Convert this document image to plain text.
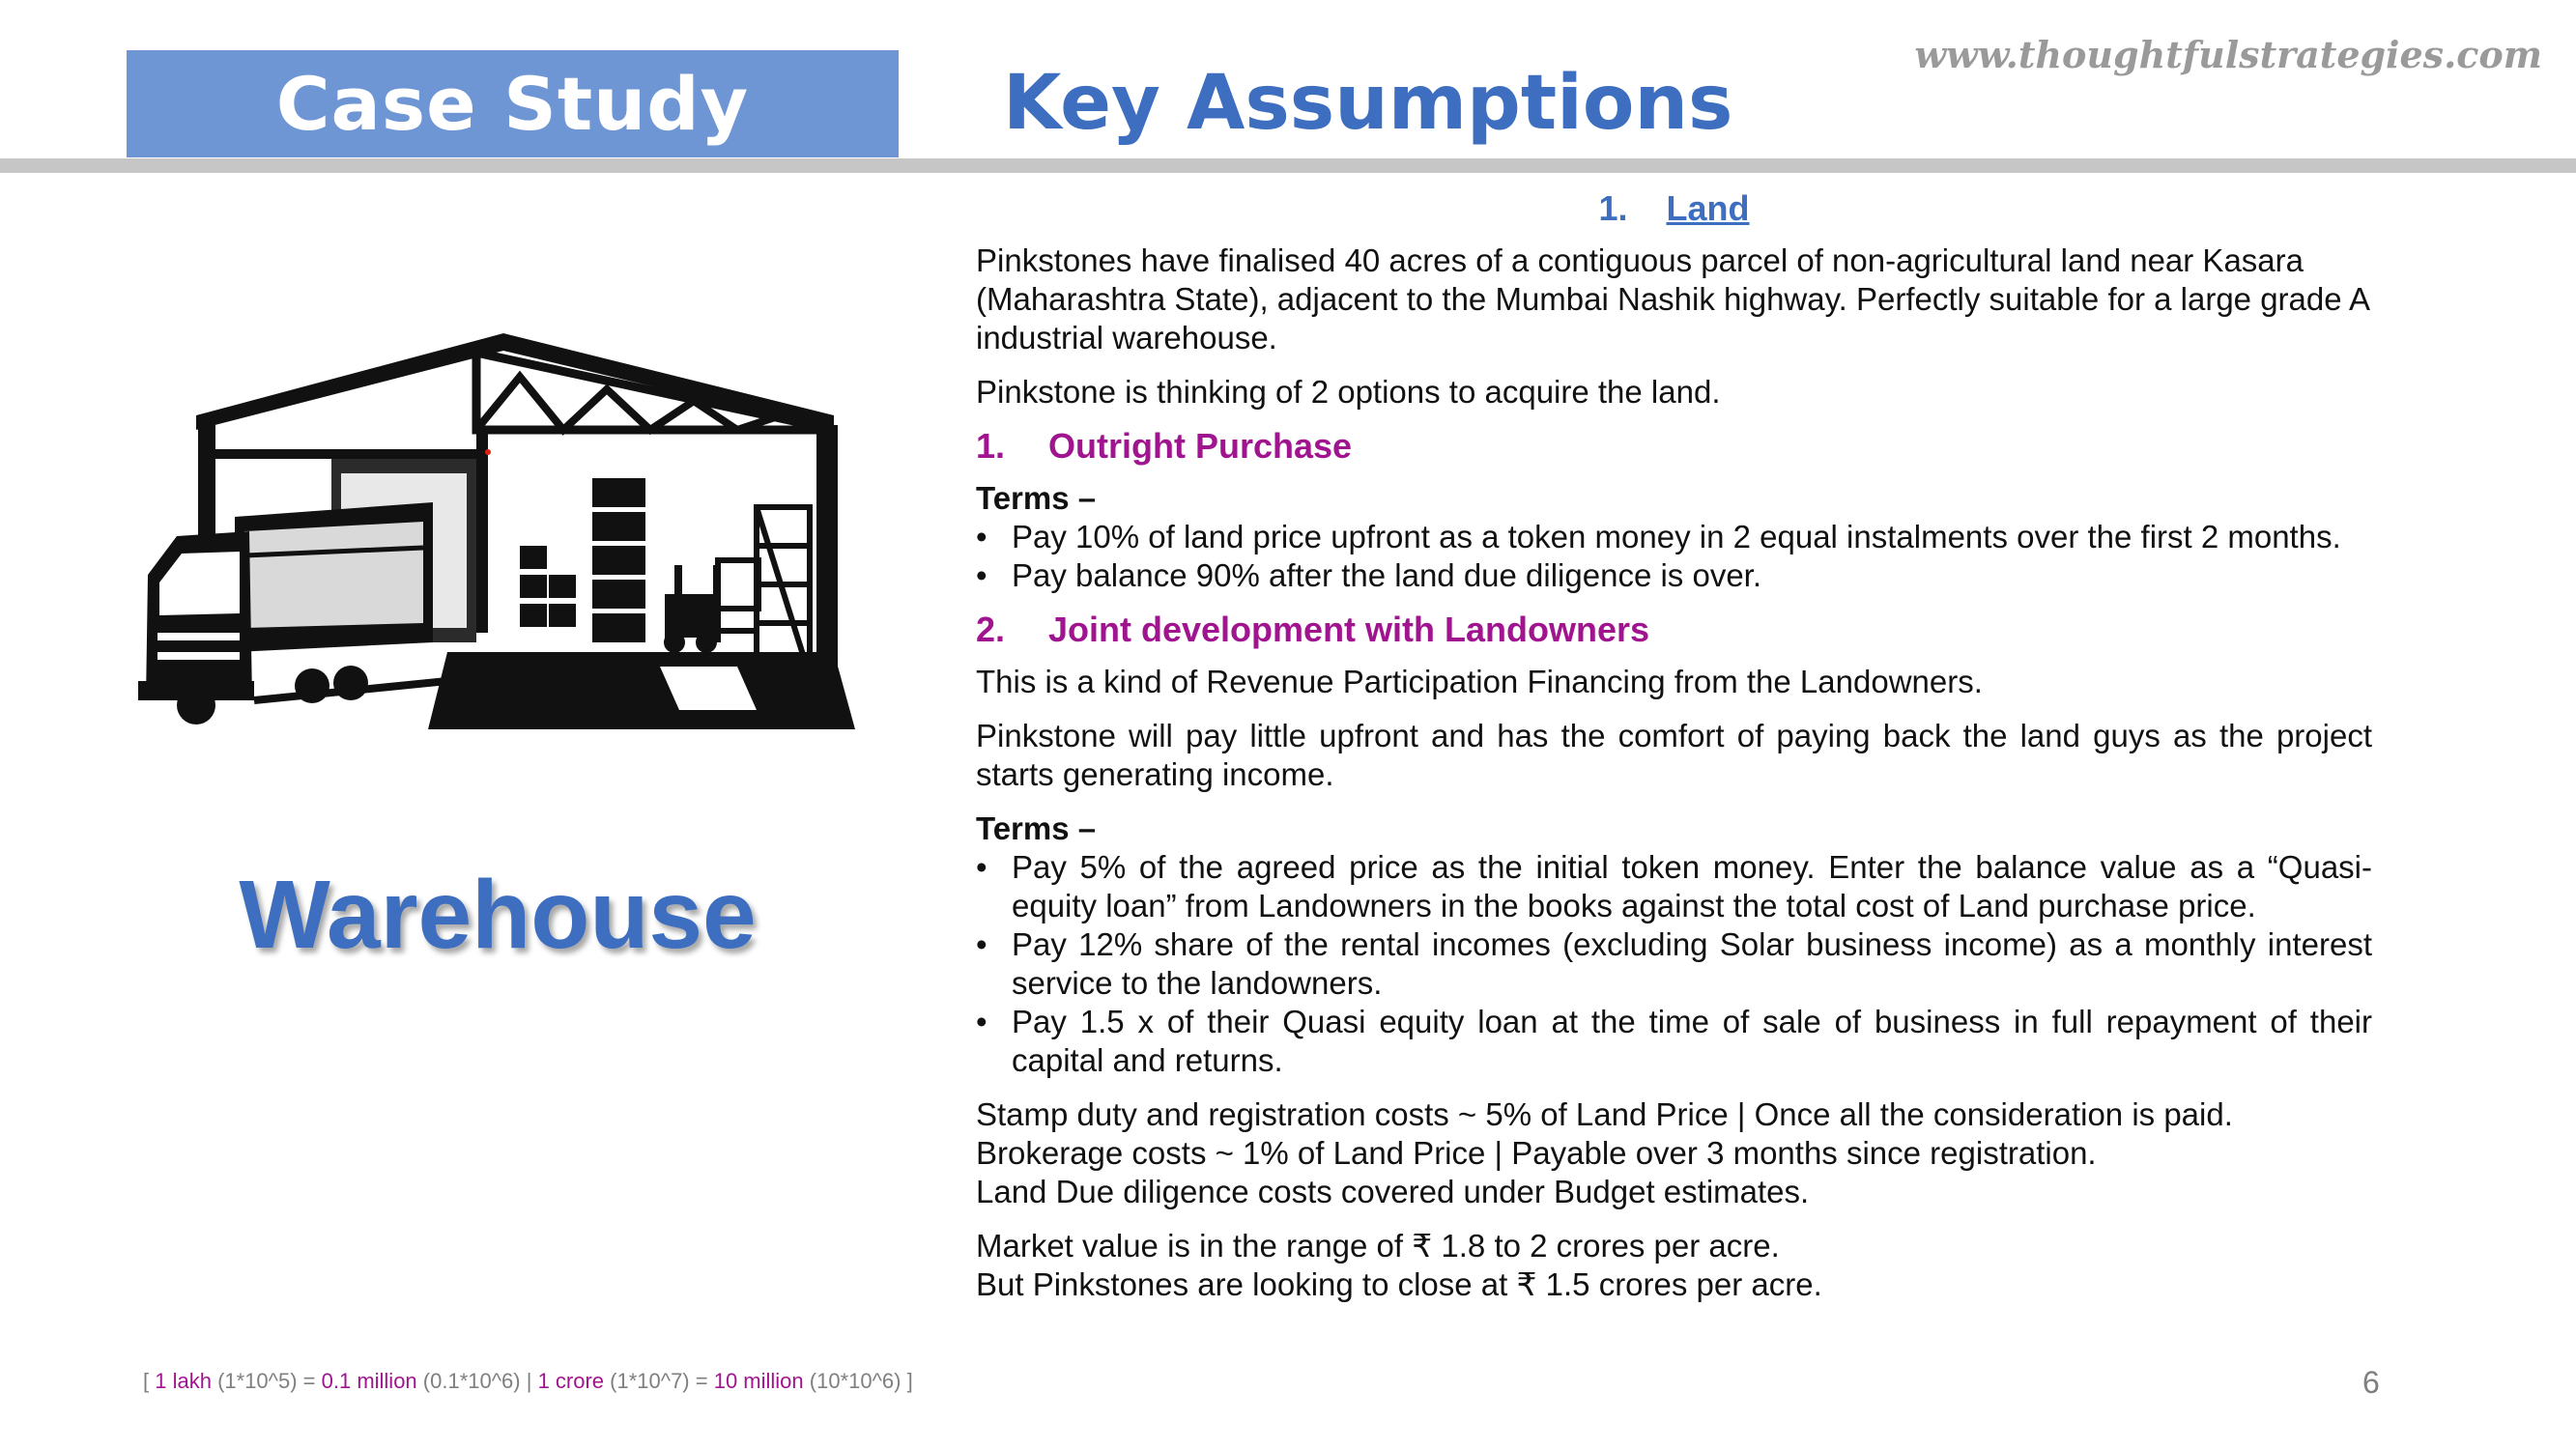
Case Study	Key Assumptions
www.thoughtfulstrategies.com
Warehouse

1. Land

Pinkstones have finalised 40 acres of a contiguous parcel of non-agricultural land near Kasara (Maharashtra State), adjacent to the Mumbai Nashik highway. Perfectly suitable for a large grade A industrial warehouse.

Pinkstone is thinking of 2 options to acquire the land.

1. Outright Purchase

Terms –

• Pay 10% of land price upfront as a token money in 2 equal instalments over the first 2 months.
• Pay balance 90% after the land due diligence is over.

2. Joint development with Landowners

This is a kind of Revenue Participation Financing from the Landowners.

Pinkstone will pay little upfront and has the comfort of paying back the land guys as the project starts generating income.

Terms –

• Pay 5% of the agreed price as the initial token money. Enter the balance value as a “Quasi-equity loan” from Landowners in the books against the total cost of Land purchase price.
• Pay 12% share of the rental incomes (excluding Solar business income) as a monthly interest service to the landowners.
• Pay 1.5 x of their Quasi equity loan at the time of sale of business in full repayment of their capital and returns.

Stamp duty and registration costs ~ 5% of Land Price | Once all the consideration is paid.

Brokerage costs ~ 1% of Land Price | Payable over 3 months since registration.

Land Due diligence costs covered under Budget estimates.

Market value is in the range of ₹ 1.8 to 2 crores per acre.

But Pinkstones are looking to close at ₹ 1.5 crores per acre.

[ 1 lakh (1*10^5) = 0.1 million (0.1*10^6) | 1 crore (1*10^7) = 10 million (10*10^6) ]	6
